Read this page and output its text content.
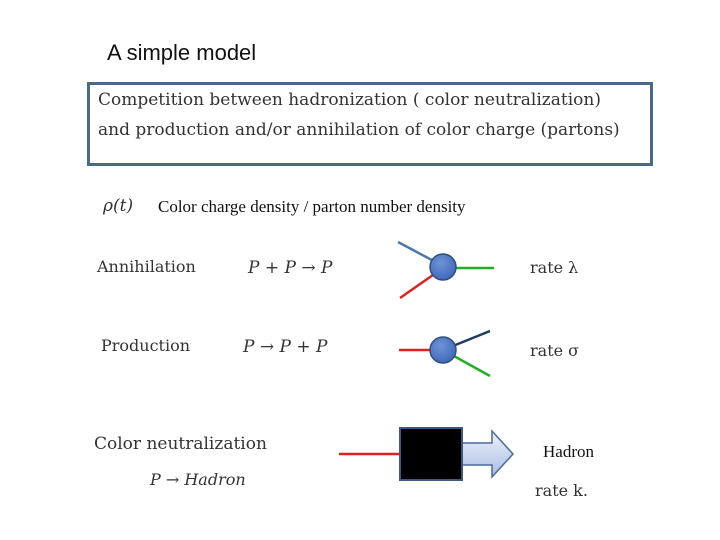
A simple model
Competition between hadronization ( color neutralization)
and production and/or annihilation of color charge (partons)
ρ(t) Color charge density / parton number density
Annihilation	P + P → P	rate λ
Production	P → P + P	rate σ
Color neutralization
P → Hadron
Hadron
rate k.
